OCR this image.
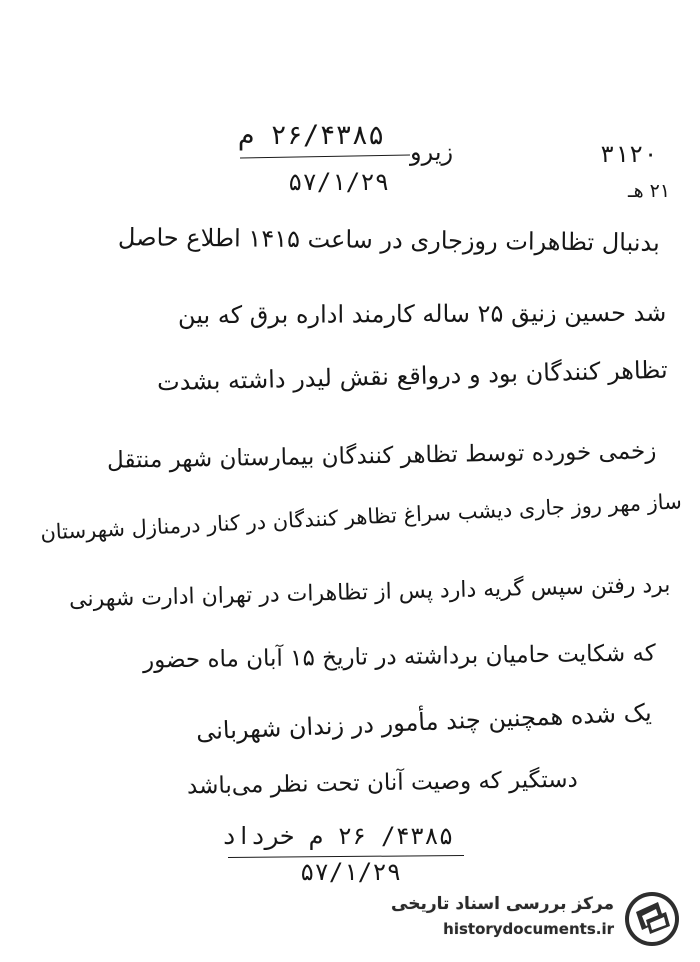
۲۶/۴۳۸۵ م
زیرو
۵۷/۱/۲۹
۳۱۲۰
۲۱ هـ
بدنبال تظاهرات روزجاری در ساعت ۱۴۱۵ اطلاع حاصل
شد حسین زنیق ۲۵ ساله کارمند اداره برق که بین
تظاهر کنندگان بود و درواقع نقش لیدر داشته بشدت
زخمی خورده توسط تظاهر کنندگان بیمارستان شهر منتقل
ساز مهر روز جاری دیشب سراغ تظاهر کنندگان در کنار درمنازل شهرستان
برد رفتن سپس گریه دارد پس از تظاهرات در تهران ادارت شهرنی
که شکایت حامیان برداشته در تاریخ ۱۵ آبان ماه حضور
یک شده همچنین چند مأمور در زندان شهربانی
دستگیر که وصیت آنان تحت نظر می‌باشد
۴۳۸۵/ ۲۶ م خرداد
۵۷/۱/۲۹
مرکز بررسی اسناد تاریخی
historydocuments.ir
